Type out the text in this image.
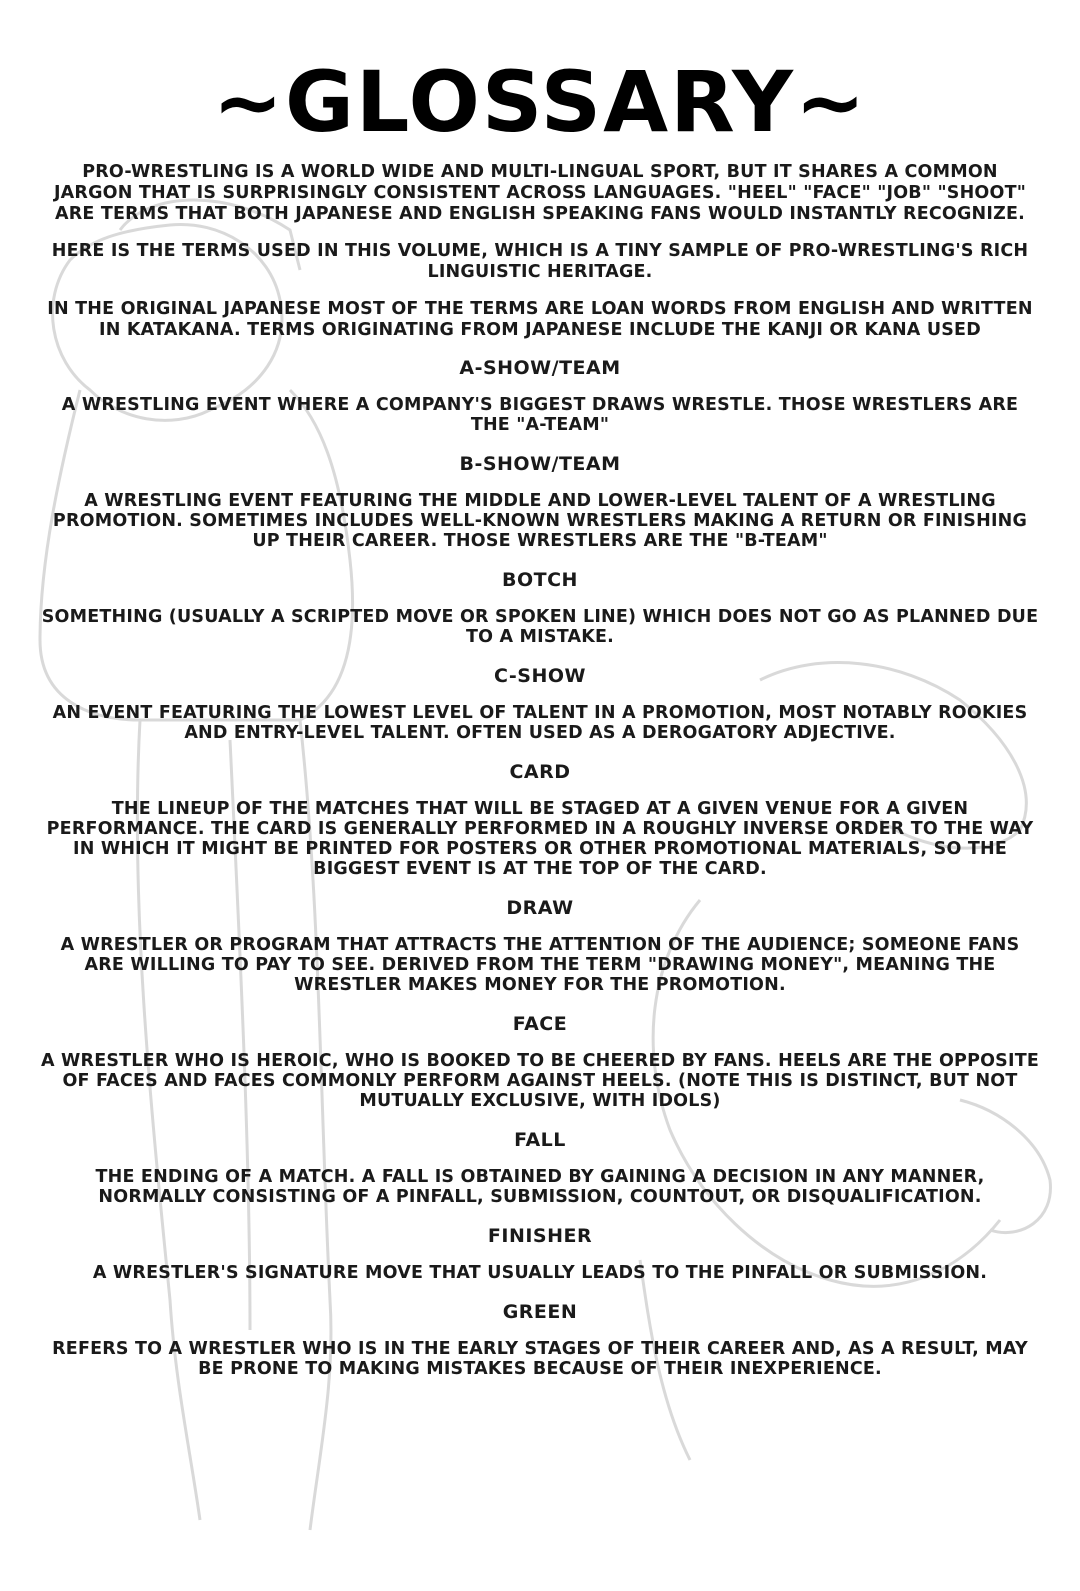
~GLOSSARY~

PRO-WRESTLING IS A WORLD WIDE AND MULTI-LINGUAL SPORT, BUT IT SHARES A COMMON JARGON THAT IS SURPRISINGLY CONSISTENT ACROSS LANGUAGES. "HEEL" "FACE" "JOB" "SHOOT" ARE TERMS THAT BOTH JAPANESE AND ENGLISH SPEAKING FANS WOULD INSTANTLY RECOGNIZE.

HERE IS THE TERMS USED IN THIS VOLUME, WHICH IS A TINY SAMPLE OF PRO-WRESTLING'S RICH LINGUISTIC HERITAGE.

IN THE ORIGINAL JAPANESE MOST OF THE TERMS ARE LOAN WORDS FROM ENGLISH AND WRITTEN IN KATAKANA. TERMS ORIGINATING FROM JAPANESE INCLUDE THE KANJI OR KANA USED

A-SHOW/TEAM
A WRESTLING EVENT WHERE A COMPANY'S BIGGEST DRAWS WRESTLE. THOSE WRESTLERS ARE THE "A-TEAM"
B-SHOW/TEAM
A WRESTLING EVENT FEATURING THE MIDDLE AND LOWER-LEVEL TALENT OF A WRESTLING PROMOTION. SOMETIMES INCLUDES WELL-KNOWN WRESTLERS MAKING A RETURN OR FINISHING UP THEIR CAREER. THOSE WRESTLERS ARE THE "B-TEAM"
BOTCH
SOMETHING (USUALLY A SCRIPTED MOVE OR SPOKEN LINE) WHICH DOES NOT GO AS PLANNED DUE TO A MISTAKE.
C-SHOW
AN EVENT FEATURING THE LOWEST LEVEL OF TALENT IN A PROMOTION, MOST NOTABLY ROOKIES AND ENTRY-LEVEL TALENT. OFTEN USED AS A DEROGATORY ADJECTIVE.
CARD
THE LINEUP OF THE MATCHES THAT WILL BE STAGED AT A GIVEN VENUE FOR A GIVEN PERFORMANCE. THE CARD IS GENERALLY PERFORMED IN A ROUGHLY INVERSE ORDER TO THE WAY IN WHICH IT MIGHT BE PRINTED FOR POSTERS OR OTHER PROMOTIONAL MATERIALS, SO THE BIGGEST EVENT IS AT THE TOP OF THE CARD.
DRAW
A WRESTLER OR PROGRAM THAT ATTRACTS THE ATTENTION OF THE AUDIENCE; SOMEONE FANS ARE WILLING TO PAY TO SEE. DERIVED FROM THE TERM "DRAWING MONEY", MEANING THE WRESTLER MAKES MONEY FOR THE PROMOTION.
FACE
A WRESTLER WHO IS HEROIC, WHO IS BOOKED TO BE CHEERED BY FANS. HEELS ARE THE OPPOSITE OF FACES AND FACES COMMONLY PERFORM AGAINST HEELS. (NOTE THIS IS DISTINCT, BUT NOT MUTUALLY EXCLUSIVE, WITH IDOLS)
FALL
THE ENDING OF A MATCH. A FALL IS OBTAINED BY GAINING A DECISION IN ANY MANNER, NORMALLY CONSISTING OF A PINFALL, SUBMISSION, COUNTOUT, OR DISQUALIFICATION.
FINISHER
A WRESTLER'S SIGNATURE MOVE THAT USUALLY LEADS TO THE PINFALL OR SUBMISSION.
GREEN
REFERS TO A WRESTLER WHO IS IN THE EARLY STAGES OF THEIR CAREER AND, AS A RESULT, MAY BE PRONE TO MAKING MISTAKES BECAUSE OF THEIR INEXPERIENCE.
